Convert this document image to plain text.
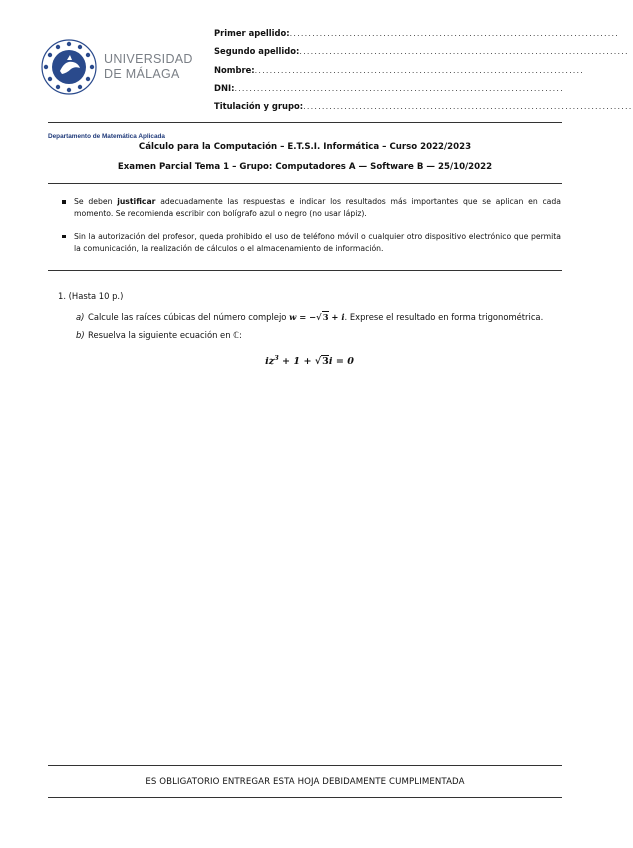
UNIVERSIDAD
DE MÁLAGA
Departamento de Matemática Aplicada
Primer apellido: ........................................................................................
Segundo apellido: ........................................................................................
Nombre: ........................................................................................
DNI: ........................................................................................
Titulación y grupo: ........................................................................................
Cálculo para la Computación – E.T.S.I. Informática – Curso 2022/2023
Examen Parcial Tema 1 – Grupo: Computadores A — Software B — 25/10/2022
Se deben justificar adecuadamente las respuestas e indicar los resultados más importantes que se aplican en cada momento. Se recomienda escribir con bolígrafo azul o negro (no usar lápiz).
Sin la autorización del profesor, queda prohibido el uso de teléfono móvil o cualquier otro dispositivo electrónico que permita la comunicación, la realización de cálculos o el almacenamiento de información.
1. (Hasta 10 p.)
a) Calcule las raíces cúbicas del número complejo w = −√3 + i. Exprese el resultado en forma trigonométrica.
b) Resuelva la siguiente ecuación en ℂ:
$iz^3 + 1 + √3i = 0$
ES OBLIGATORIO ENTREGAR ESTA HOJA DEBIDAMENTE CUMPLIMENTADA
